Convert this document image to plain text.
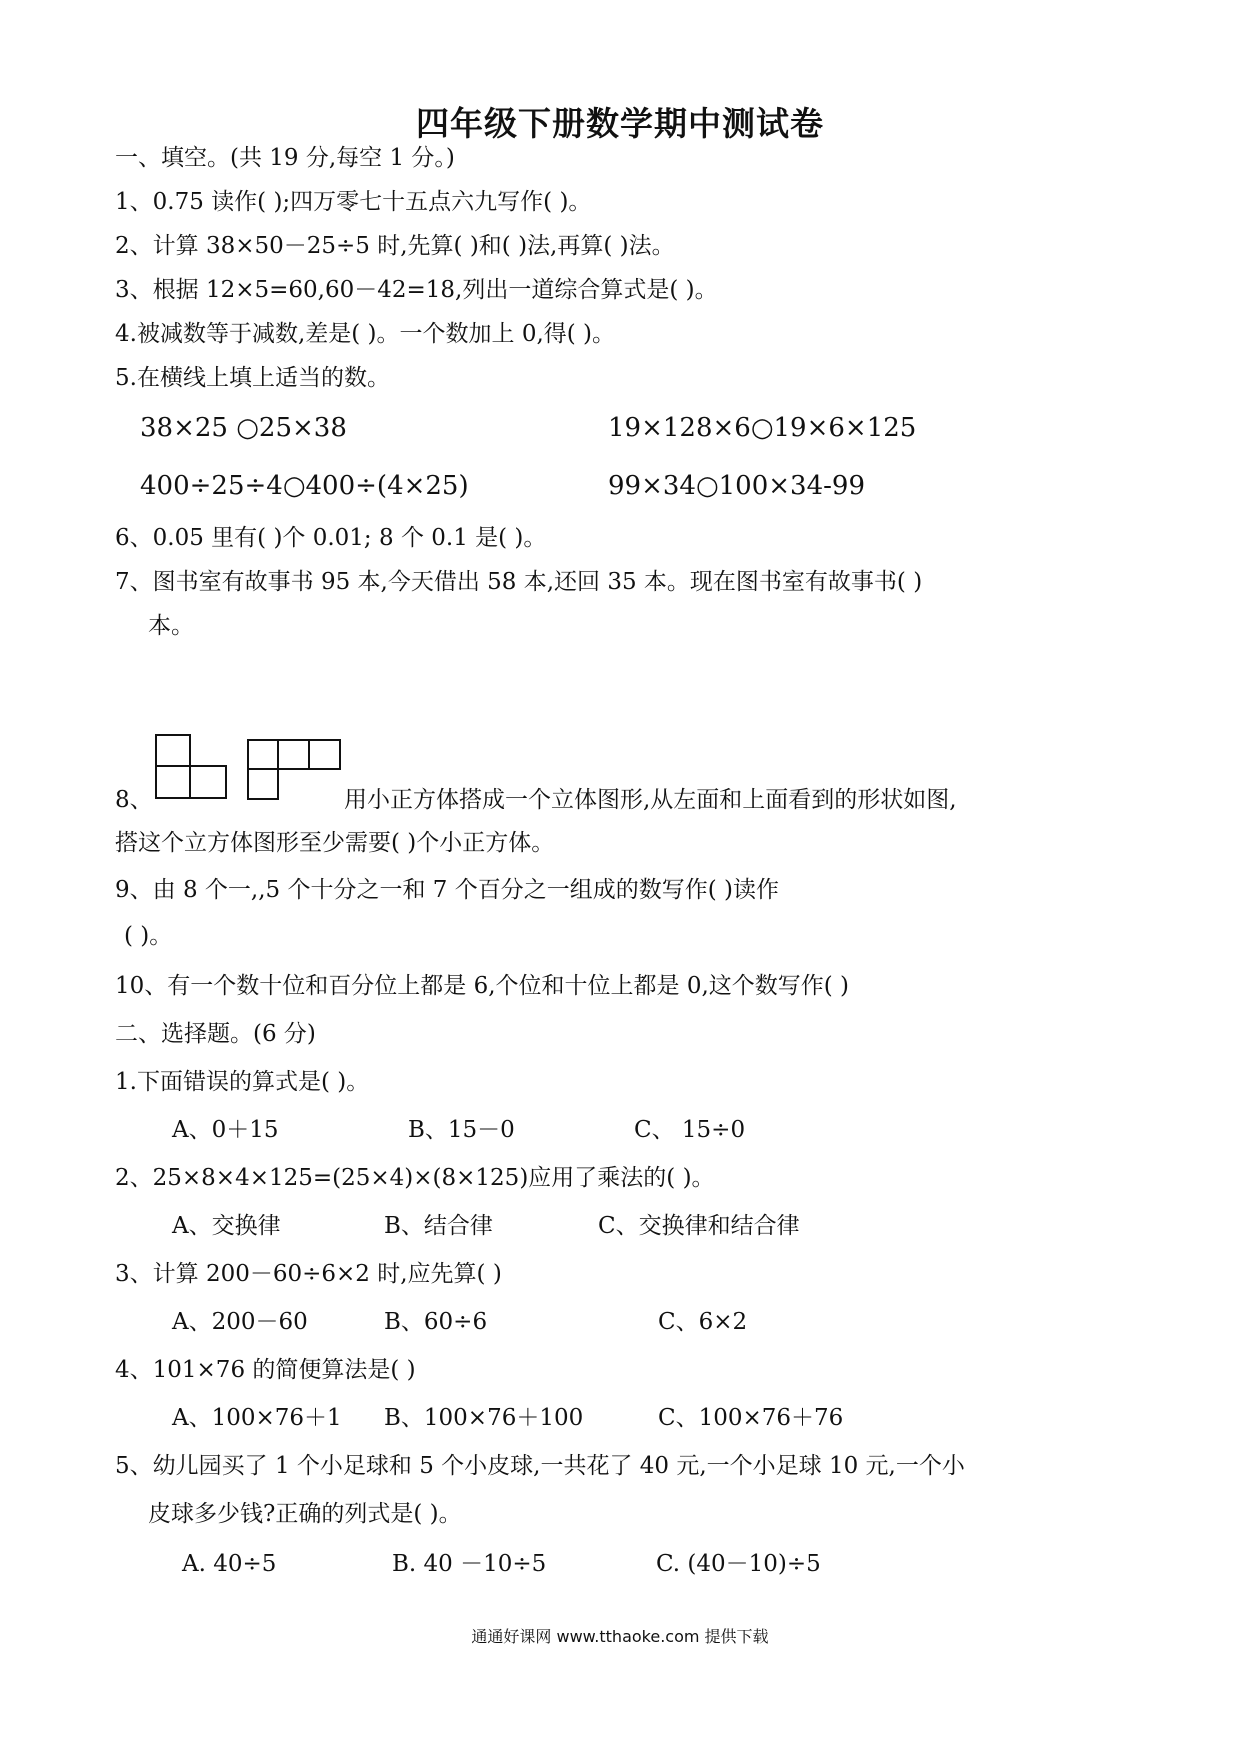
四年级下册数学期中测试卷
一、填空。(共 19 分,每空 1 分。)
1、0.75 读作( );四万零七十五点六九写作( )。
2、计算 38×50－25÷5 时,先算( )和( )法,再算( )法。
3、根据 12×5=60,60－42=18,列出一道综合算式是( )。
4.被减数等于减数,差是( )。一个数加上 0,得( )。
5.在横线上填上适当的数。
38×25 ○25×38	19×128×6○19×6×125
400÷25÷4○400÷(4×25)	99×34○100×34-99
6、0.05 里有( )个 0.01; 8 个 0.1 是( )。
7、图书室有故事书 95 本,今天借出 58 本,还回 35 本。现在图书室有故事书( )
本。
8、	用小正方体搭成一个立体图形,从左面和上面看到的形状如图,
搭这个立方体图形至少需要( )个小正方体。
9、由 8 个一,,5 个十分之一和 7 个百分之一组成的数写作( )读作
( )。
10、有一个数十位和百分位上都是 6,个位和十位上都是 0,这个数写作( )
二、选择题。(6 分)
1.下面错误的算式是( )。
A、0＋15	B、15－0	C、 15÷0
2、25×8×4×125=(25×4)×(8×125)应用了乘法的( )。
A、交换律	B、结合律	C、交换律和结合律
3、计算 200－60÷6×2 时,应先算( )
A、200－60	B、60÷6	C、6×2
4、101×76 的简便算法是( )
A、100×76＋1 B、100×76＋100	C、100×76＋76
5、幼儿园买了 1 个小足球和 5 个小皮球,一共花了 40 元,一个小足球 10 元,一个小
皮球多少钱?正确的列式是( )。
A. 40÷5	B. 40 －10÷5	C. (40－10)÷5
通通好课网 www.tthaoke.com 提供下载
